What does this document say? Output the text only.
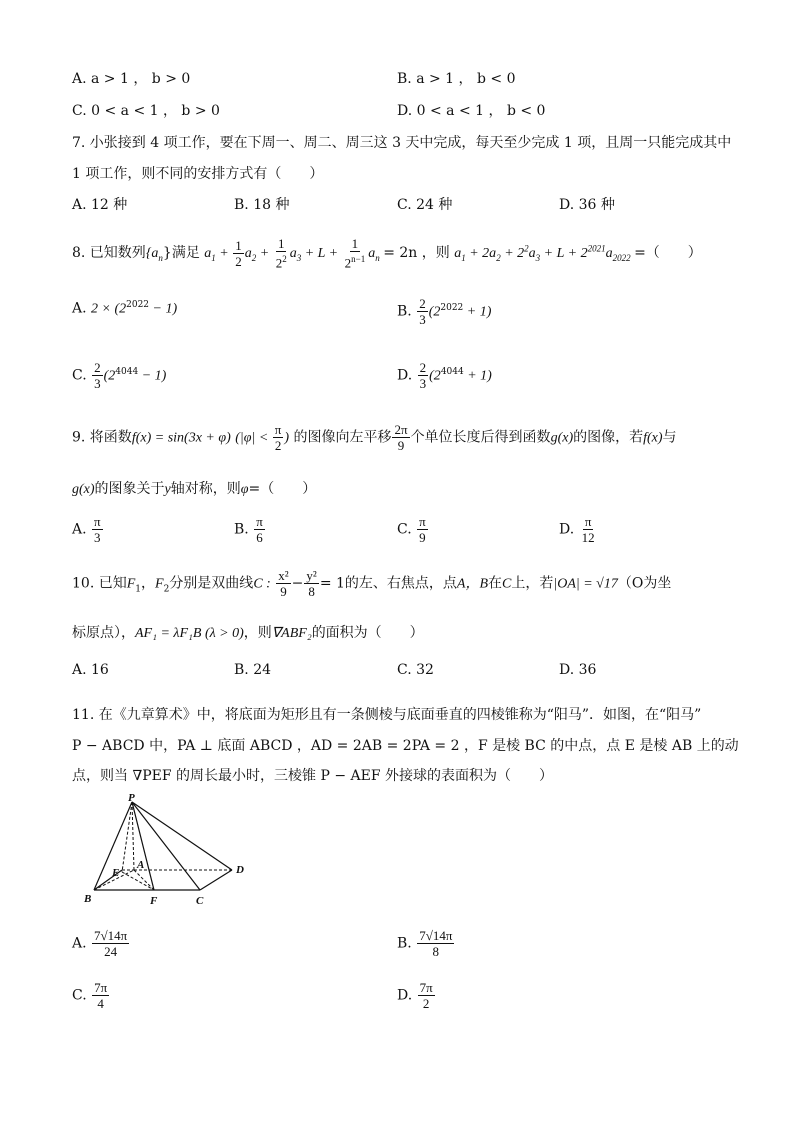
A. a > 1 ， b > 0	B. a > 1 ， b < 0
C. 0 < a < 1 ， b > 0	D. 0 < a < 1 ， b < 0
7. 小张接到 4 项工作，要在下周一、周二、周三这 3 天中完成，每天至少完成 1 项，且周一只能完成其中
1 项工作，则不同的安排方式有（　　）
A. 12 种	B. 18 种	C. 24 种	D. 36 种
8. 已知数列$\{a_n\}$满足 $a_1 + \frac{1}{2} a_2 + \frac{1}{2^2} a_3 + L + \frac{1}{2^{n-1}} a_n = 2n$ ，则 $a_1 + 2a_2 + 2^2a_3 + L + 2^{2021}a_{2022}$ =（　　）
A. $2 \times (2^{2022} - 1)$	B. $\frac{2}{3} (2^{2022} + 1)$
C. $\frac{2}{3} (2^{4044} - 1)$	D. $\frac{2}{3} (2^{4044} + 1)$
9. 将函数f(x) = sin(3x + φ) ($|\varphi| < \frac{\pi}{2}$ ) 的图像向左平移 $\frac{2\pi}{9}$ 个单位长度后得到函数g(x)的图像，若f(x)与
g(x)的图象关于y轴对称，则φ=（　　）
A. $\frac{\pi}{3}$	B. $\frac{\pi}{6}$	C. $\frac{\pi}{9}$	D. $\frac{\pi}{12}$
10. 已知$F_1$，$F_2$分别是双曲线C : $\frac{\text{x²}}{9} - \frac{\text{y²}}{8} = 1$的左、右焦点，点A，B在C上，若|OA| = √17（O为坐
标原点），AF₁ = λF₁B (λ > 0)，则∇ABF₂的面积为（　　）
A. 16	B. 24	C. 32	D. 36
11. 在《九章算术》中，将底面为矩形且有一条侧棱与底面垂直的四棱锥称为“阳马”．如图，在“阳马”
P − ABCD 中，PA ⊥ 底面 ABCD ，AD = 2AB = 2PA = 2 ，F 是棱 BC 的中点，点 E 是棱 AB 上的动
点，则当 ∇PEF 的周长最小时，三棱锥 P − AEF 外接球的表面积为（　　）
P
A
B	C
D
E
F
A. $\frac{7√14\pi}{24}$	B. $\frac{7√14\pi}{8}$
C. $\frac{7\pi}{4}$	D. $\frac{7\pi}{2}$
